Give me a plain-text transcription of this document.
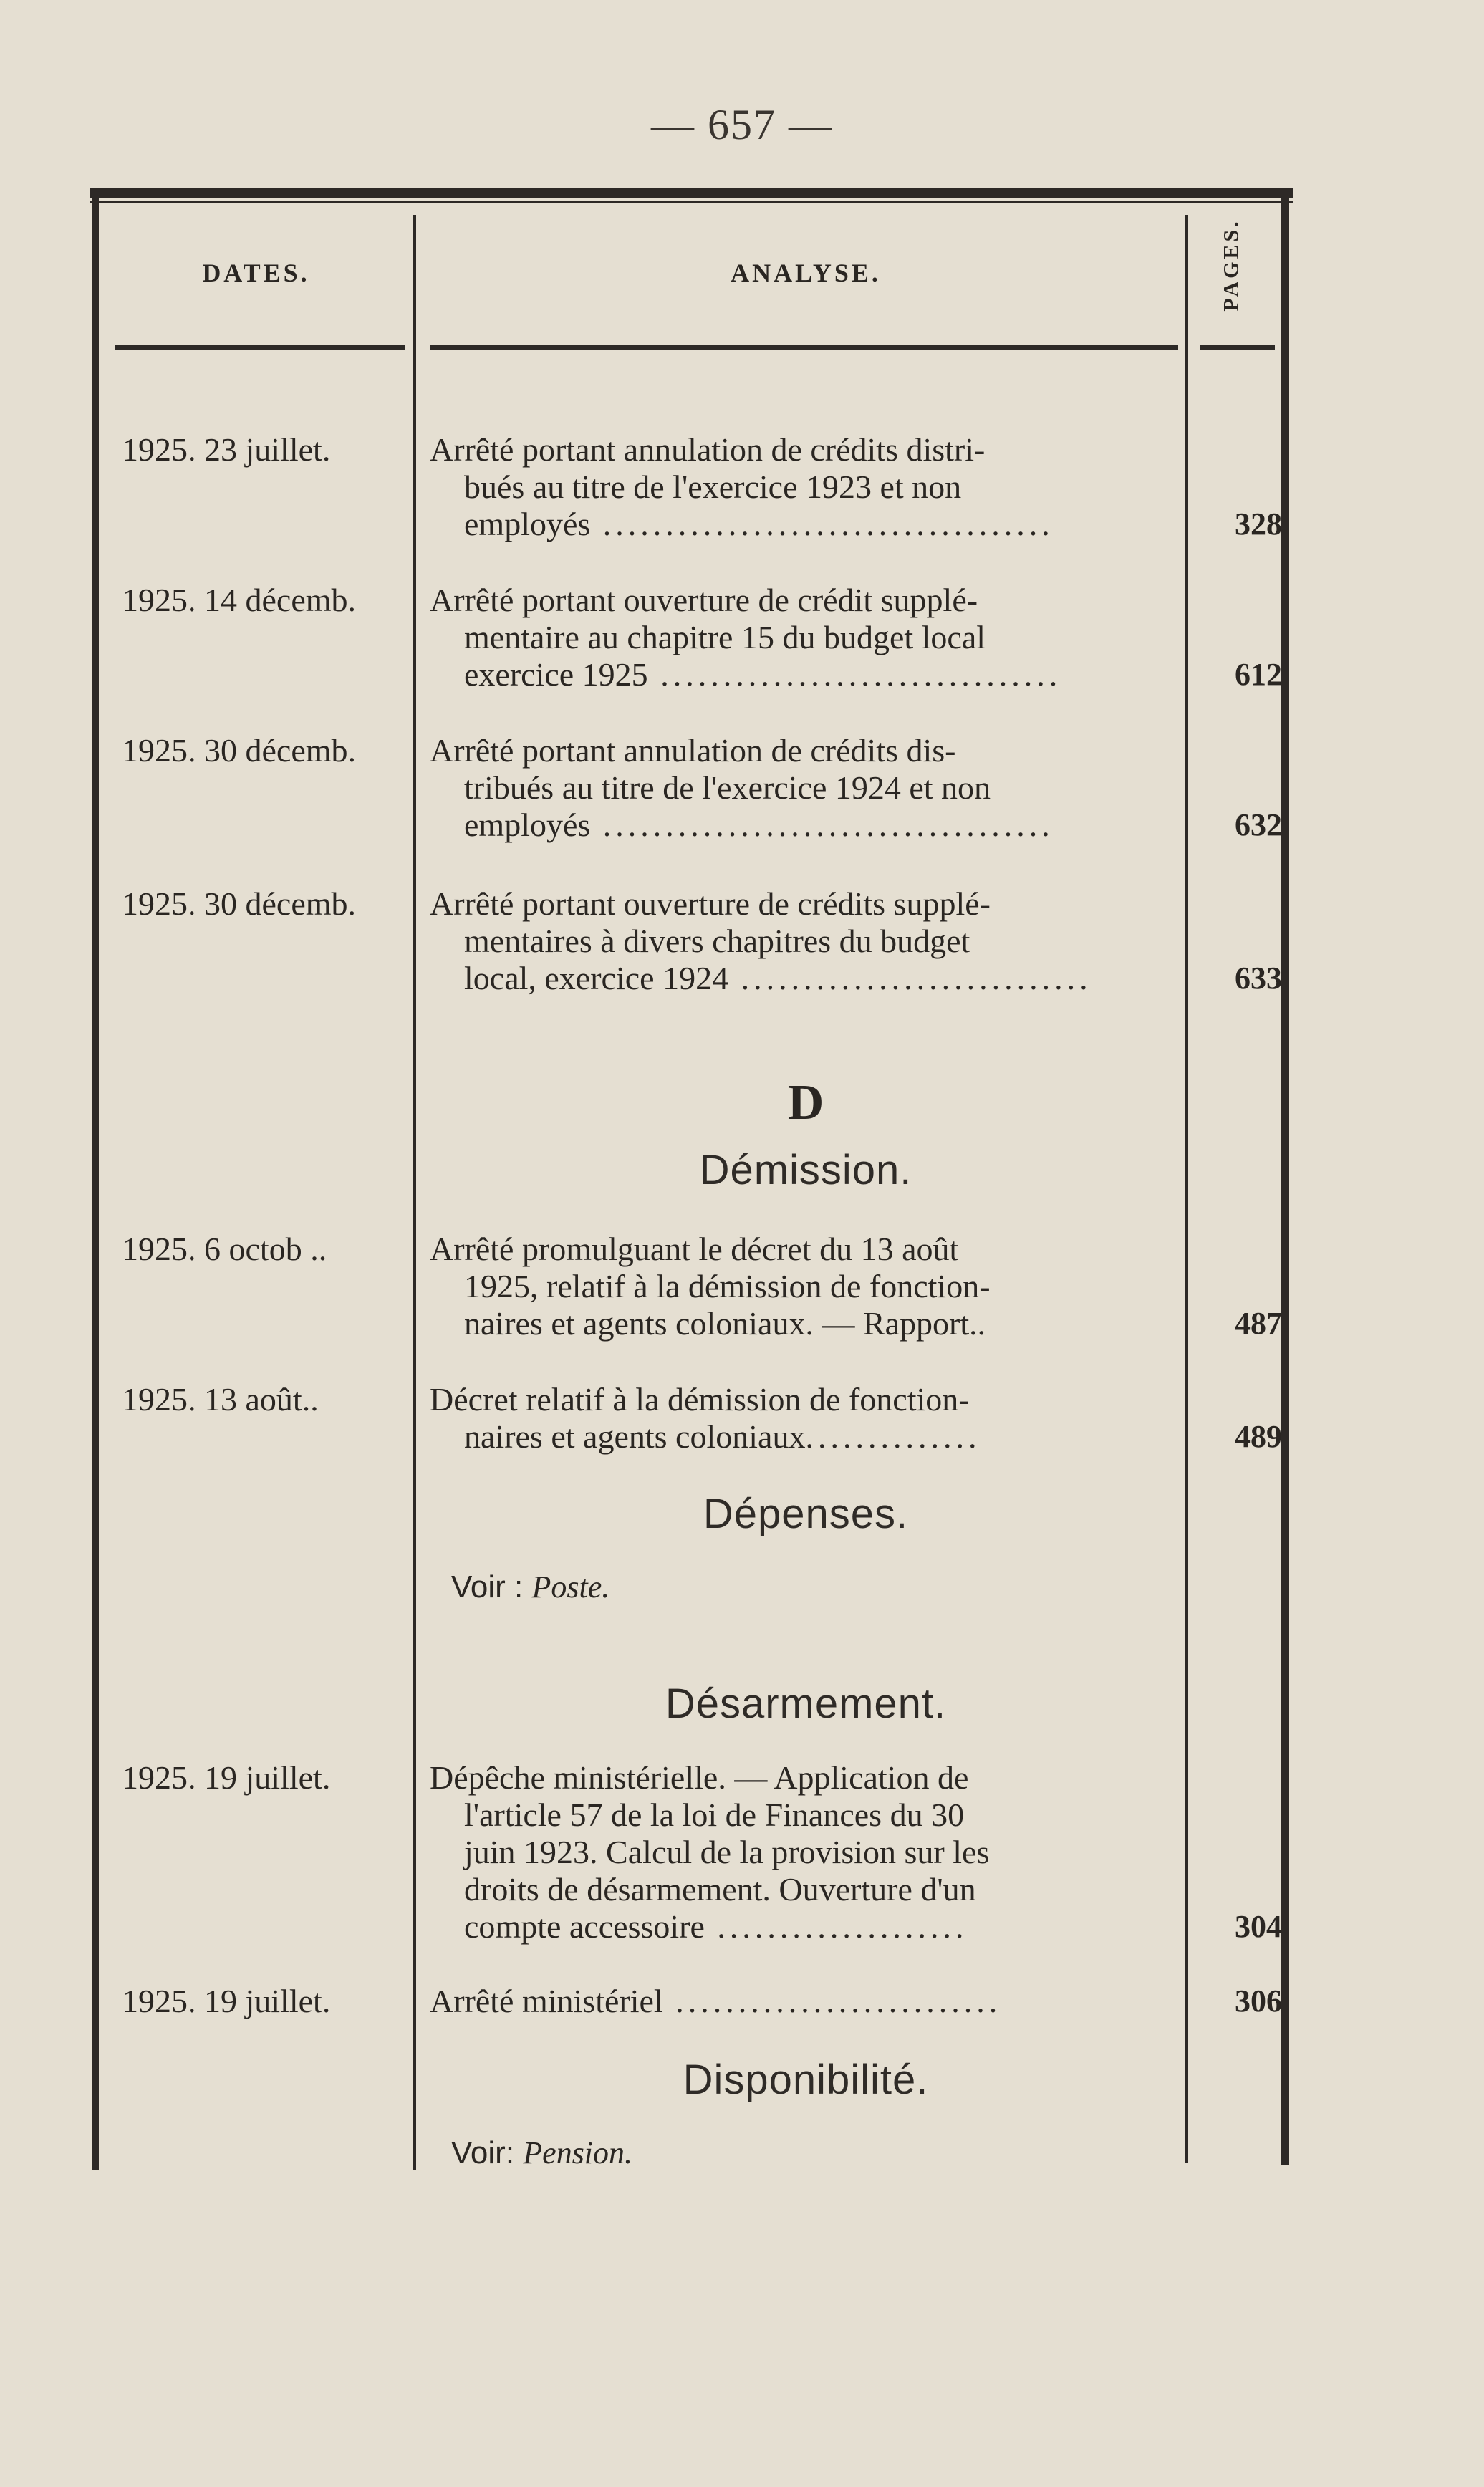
— 657 —
DATES.	ANALYSE.	PAGES.
1925. 23 juillet.	Arrêté portant annulation de crédits distri-
bués au titre de l'exercice 1923 et non
employés ....................................	328
1925. 14 décemb.	Arrêté portant ouverture de crédit supplé-
mentaire au chapitre 15 du budget local
exercice 1925 ................................	612
1925. 30 décemb.	Arrêté portant annulation de crédits dis-
tribués au titre de l'exercice 1924 et non
employés ....................................	632
1925. 30 décemb.	Arrêté portant ouverture de crédits supplé-
mentaires à divers chapitres du budget
local, exercice 1924 ............................	633
D
Démission.
1925. 6 octob ..	Arrêté promulguant le décret du 13 août
1925, relatif à la démission de fonction-
naires et agents coloniaux. — Rapport..	487
1925. 13 août..	Décret relatif à la démission de fonction-
naires et agents coloniaux..............	489
Dépenses.
Voir : Poste.
Désarmement.
1925. 19 juillet.	Dépêche ministérielle. — Application de
l'article 57 de la loi de Finances du 30
juin 1923. Calcul de la provision sur les
droits de désarmement. Ouverture d'un
compte accessoire ....................	304
1925. 19 juillet.	Arrêté ministériel ..........................	306
Disponibilité.
Voir: Pension.
